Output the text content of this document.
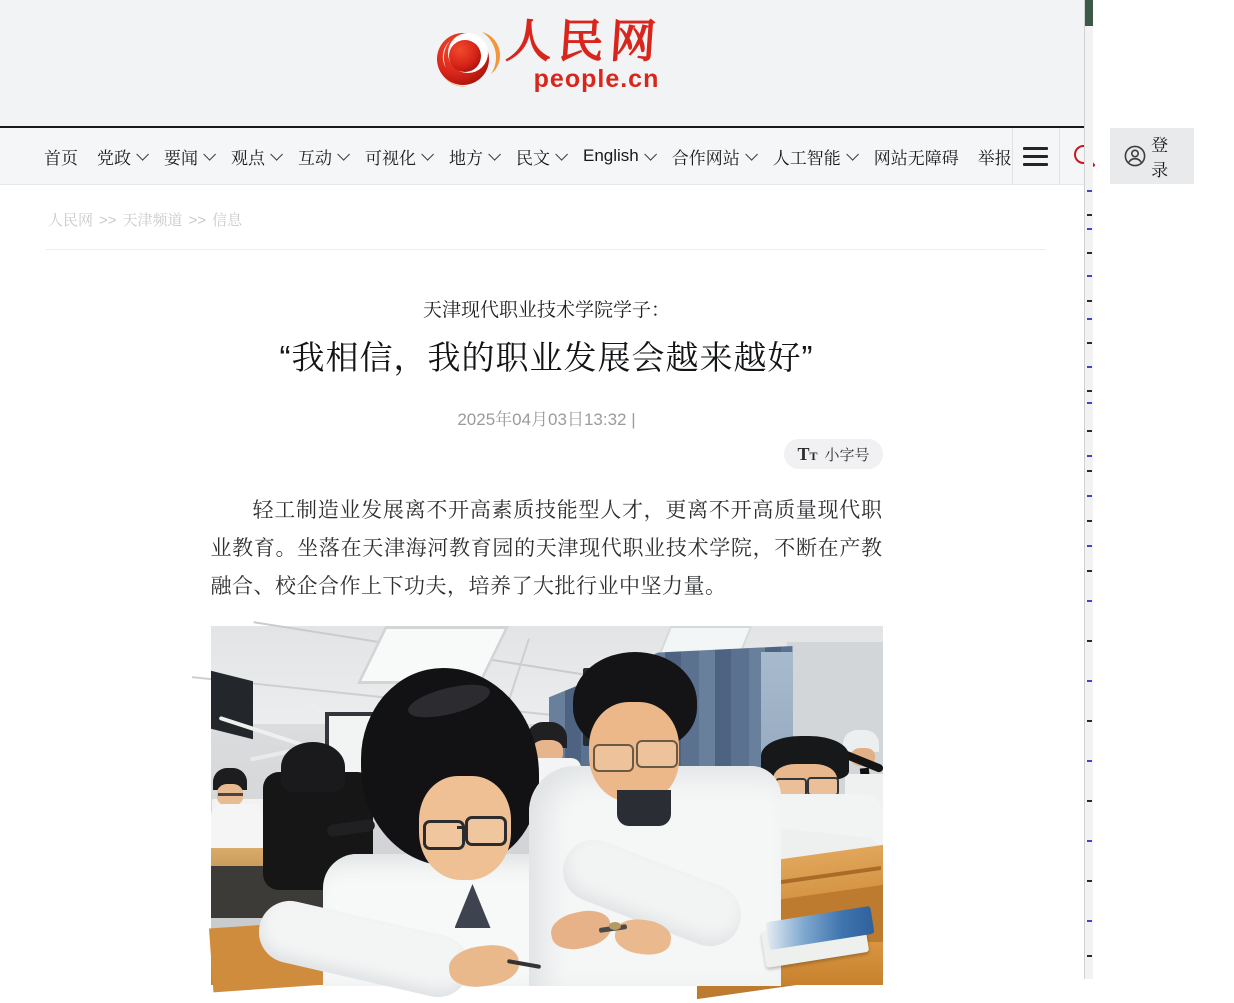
人民网
people.cn
首页 党政 要闻 观点 互动 可视化 地方 民文 English 合作网站 人工智能 网站无障碍 举报
登录
人民网 >> 天津频道 >> 信息
天津现代职业技术学院学子：
“我相信，我的职业发展会越来越好”
2025年04月03日13:32 |
TT 小字号

轻工制造业发展离不开高素质技能型人才，更离不开高质量现代职业教育。坐落在天津海河教育园的天津现代职业技术学院，不断在产教融合、校企合作上下功夫，培养了大批行业中坚力量。
